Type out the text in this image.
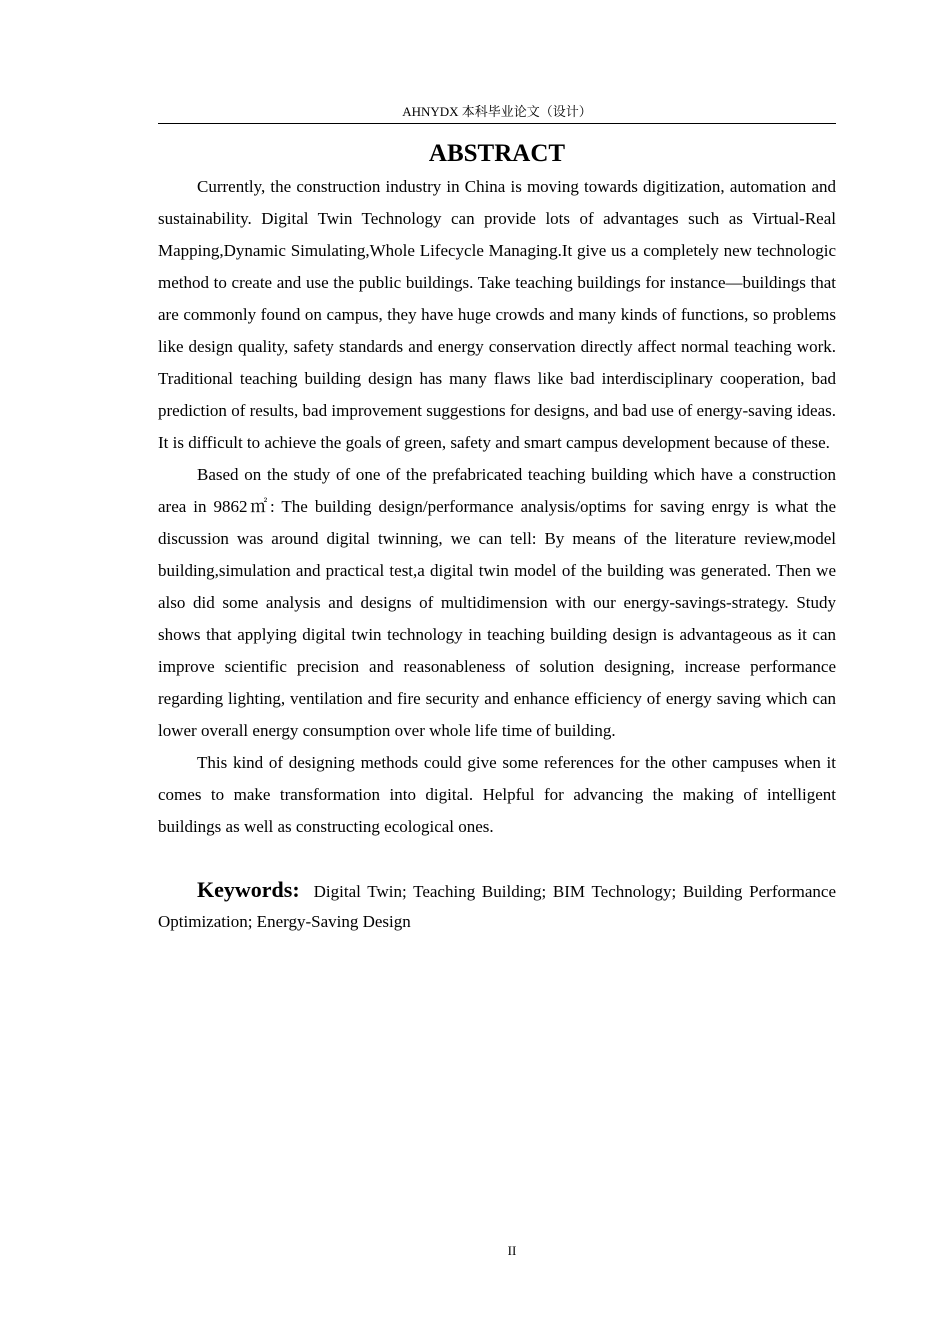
AHNYDX 本科毕业论文（设计）
ABSTRACT

Currently, the construction industry in China is moving towards digitization, automation and sustainability. Digital Twin Technology can provide lots of advantages such as Virtual-Real Mapping,Dynamic Simulating,Whole Lifecycle Managing.It give us a completely new technologic method to create and use the public buildings. Take teaching buildings for instance—buildings that are commonly found on campus, they have huge crowds and many kinds of functions, so problems like design quality, safety standards and energy conservation directly affect normal teaching work. Traditional teaching building design has many flaws like bad interdisciplinary cooperation, bad prediction of results, bad improvement suggestions for designs, and bad use of energy-saving ideas. It is difficult to achieve the goals of green, safety and smart campus development because of these.

Based on the study of one of the prefabricated teaching building which have a construction area in 9862㎡: The building design/performance analysis/optims for saving enrgy is what the discussion was around digital twinning, we can tell: By means of the literature review,model building,simulation and practical test,a digital twin model of the building was generated. Then we also did some analysis and designs of multidimension with our energy-savings-strategy. Study shows that applying digital twin technology in teaching building design is advantageous as it can improve scientific precision and reasonableness of solution designing, increase performance regarding lighting, ventilation and fire security and enhance efficiency of energy saving which can lower overall energy consumption over whole life time of building.

This kind of designing methods could give some references for the other campuses when it comes to make transformation into digital. Helpful for advancing the making of intelligent buildings as well as constructing ecological ones.

Keywords: Digital Twin; Teaching Building; BIM Technology; Building Performance Optimization; Energy-Saving Design
II
